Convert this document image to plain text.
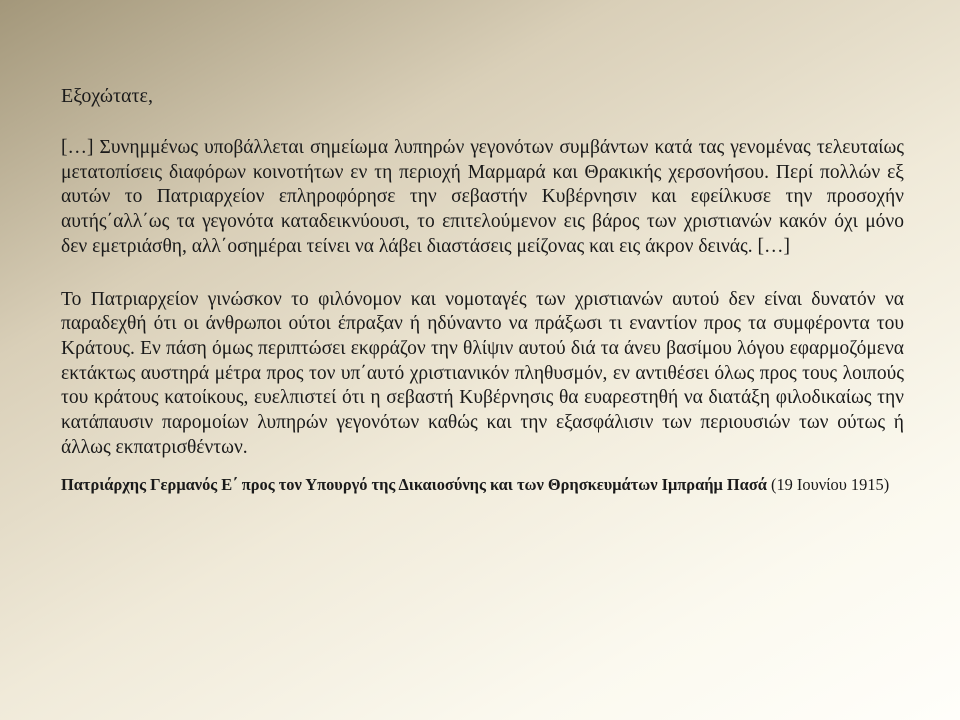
Εξοχώτατε,

[…] Συνημμένως υποβάλλεται σημείωμα λυπηρών γεγονότων συμβάντων κατά τας γενομένας τελευταίως μετατοπίσεις διαφόρων κοινοτήτων εν τη περιοχή Μαρμαρά και Θρακικής χερσονήσου. Περί πολλών εξ αυτών το Πατριαρχείον επληροφόρησε την σεβαστήν Κυβέρνησιν και εφείλκυσε την προσοχήν αυτής΄αλλ΄ως τα γεγονότα καταδεικνύουσι, το επιτελούμενον εις βάρος των χριστιανών κακόν όχι μόνο δεν εμετριάσθη, αλλ΄οσημέραι τείνει να λάβει διαστάσεις μείζονας και εις άκρον δεινάς. […]

Το Πατριαρχείον γινώσκον το φιλόνομον και νομοταγές των χριστιανών αυτού δεν είναι δυνατόν να παραδεχθή ότι οι άνθρωποι ούτοι έπραξαν ή ηδύναντο να πράξωσι τι εναντίον προς τα συμφέροντα του Κράτους. Εν πάση όμως περιπτώσει εκφράζον την θλίψιν αυτού διά τα άνευ βασίμου λόγου εφαρμοζόμενα εκτάκτως αυστηρά μέτρα προς τον υπ΄αυτό χριστιανικόν πληθυσμόν, εν αντιθέσει όλως προς τους λοιπούς του κράτους κατοίκους, ευελπιστεί ότι η σεβαστή Κυβέρνησις θα ευαρεστηθή να διατάξη φιλοδικαίως την κατάπαυσιν παρομοίων λυπηρών γεγονότων καθώς και την εξασφάλισιν των περιουσιών των ούτως ή άλλως εκπατρισθέντων.

Πατριάρχης Γερμανός Ε΄ προς τον Υπουργό της Δικαιοσύνης και των Θρησκευμάτων Ιμπραήμ Πασά (19 Ιουνίου 1915)
